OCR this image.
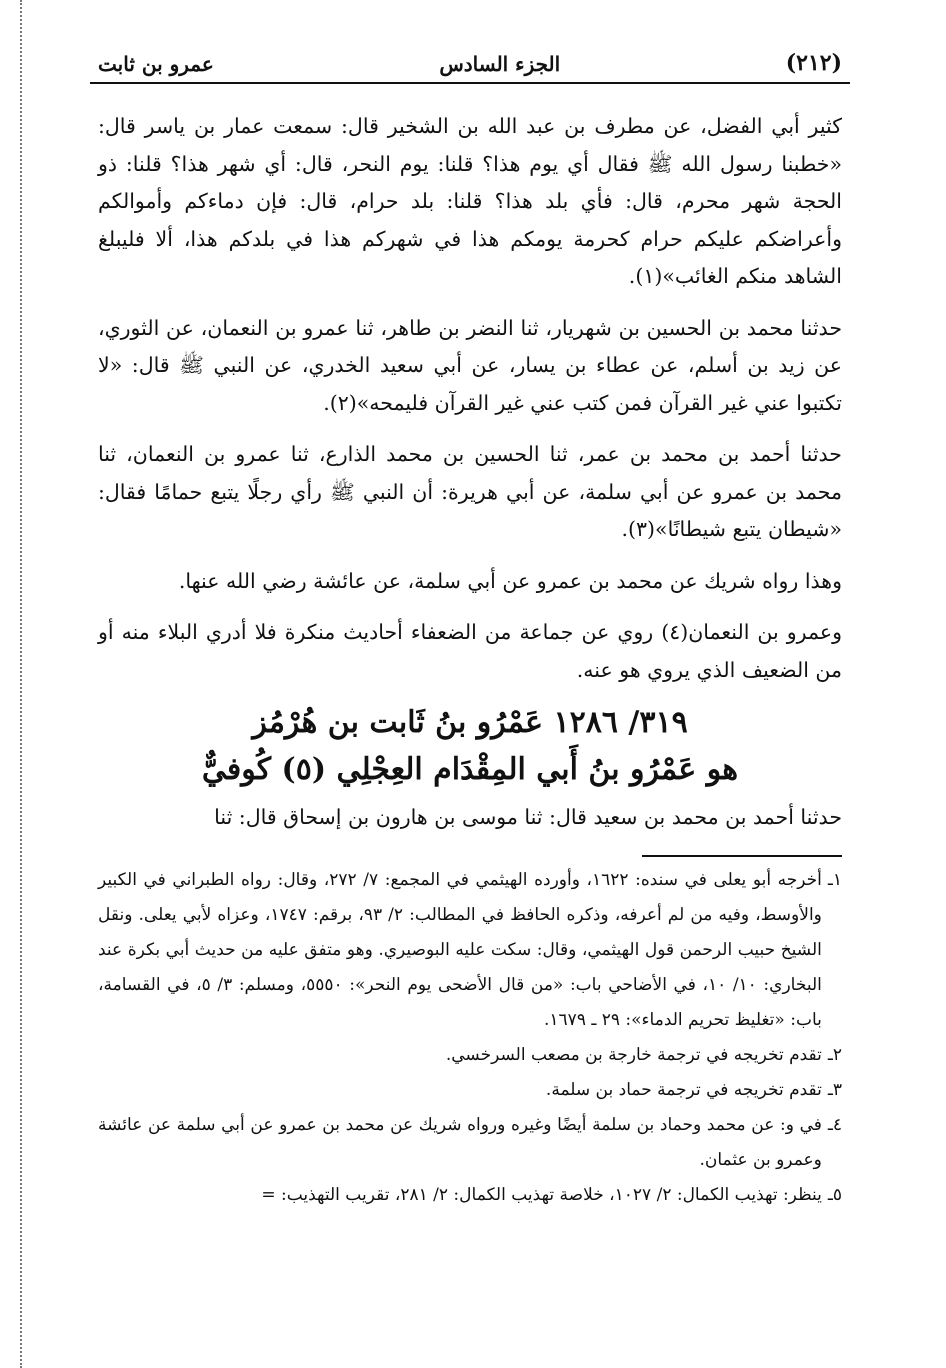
(٢١٢)
الجزء السادس
عمرو بن ثابت

كثير أبي الفضل، عن مطرف بن عبد الله بن الشخير قال: سمعت عمار بن ياسر قال: «خطبنا رسول الله ﷺ فقال أي يوم هذا؟ قلنا: يوم النحر، قال: أي شهر هذا؟ قلنا: ذو الحجة شهر محرم، قال: فأي بلد هذا؟ قلنا: بلد حرام، قال: فإن دماءكم وأموالكم وأعراضكم عليكم حرام كحرمة يومكم هذا في شهركم هذا في بلدكم هذا، ألا فليبلغ الشاهد منكم الغائب»(١).

حدثنا محمد بن الحسين بن شهريار، ثنا النضر بن طاهر، ثنا عمرو بن النعمان، عن الثوري، عن زيد بن أسلم، عن عطاء بن يسار، عن أبي سعيد الخدري، عن النبي ﷺ قال: «لا تكتبوا عني غير القرآن فمن كتب عني غير القرآن فليمحه»(٢).

حدثنا أحمد بن محمد بن عمر، ثنا الحسين بن محمد الذارع، ثنا عمرو بن النعمان، ثنا محمد بن عمرو عن أبي سلمة، عن أبي هريرة: أن النبي ﷺ رأي رجلًا يتبع حمامًا فقال: «شيطان يتبع شيطانًا»(٣).

وهذا رواه شريك عن محمد بن عمرو عن أبي سلمة، عن عائشة رضي الله عنها.

وعمرو بن النعمان(٤) روي عن جماعة من الضعفاء أحاديث منكرة فلا أدري البلاء منه أو من الضعيف الذي يروي هو عنه.

٣١٩/ ١٢٨٦ عَمْرُو بنُ ثَابت بن هُرْمُز
هو عَمْرُو بنُ أَبي المِقْدَام العِجْلِي (٥) كُوفيٌّ

حدثنا أحمد بن محمد بن سعيد قال: ثنا موسى بن هارون بن إسحاق قال: ثنا

١ـ
أخرجه أبو يعلى في سنده: ١٦٢٢، وأورده الهيثمي في المجمع: ٧/ ٢٧٢، وقال: رواه الطبراني في الكبير والأوسط، وفيه من لم أعرفه، وذكره الحافظ في المطالب: ٢/ ٩٣، برقم: ١٧٤٧، وعزاه لأبي يعلى. ونقل الشيخ حبيب الرحمن قول الهيثمي، وقال: سكت عليه البوصيري. وهو متفق عليه من حديث أبي بكرة عند البخاري: ١٠/ ١٠، في الأضاحي باب: «من قال الأضحى يوم النحر»: ٥٥٥٠، ومسلم: ٣/ ٥، في القسامة، باب: «تغليظ تحريم الدماء»: ٢٩ ـ ١٦٧٩.

٢ـ
تقدم تخريجه في ترجمة خارجة بن مصعب السرخسي.

٣ـ
تقدم تخريجه في ترجمة حماد بن سلمة.

٤ـ
في و: عن محمد وحماد بن سلمة أيضًا وغيره ورواه شريك عن محمد بن عمرو عن أبي سلمة عن عائشة وعمرو بن عثمان.

٥ـ
ينظر: تهذيب الكمال: ٢/ ١٠٢٧، خلاصة تهذيب الكمال: ٢/ ٢٨١، تقريب التهذيب: =
